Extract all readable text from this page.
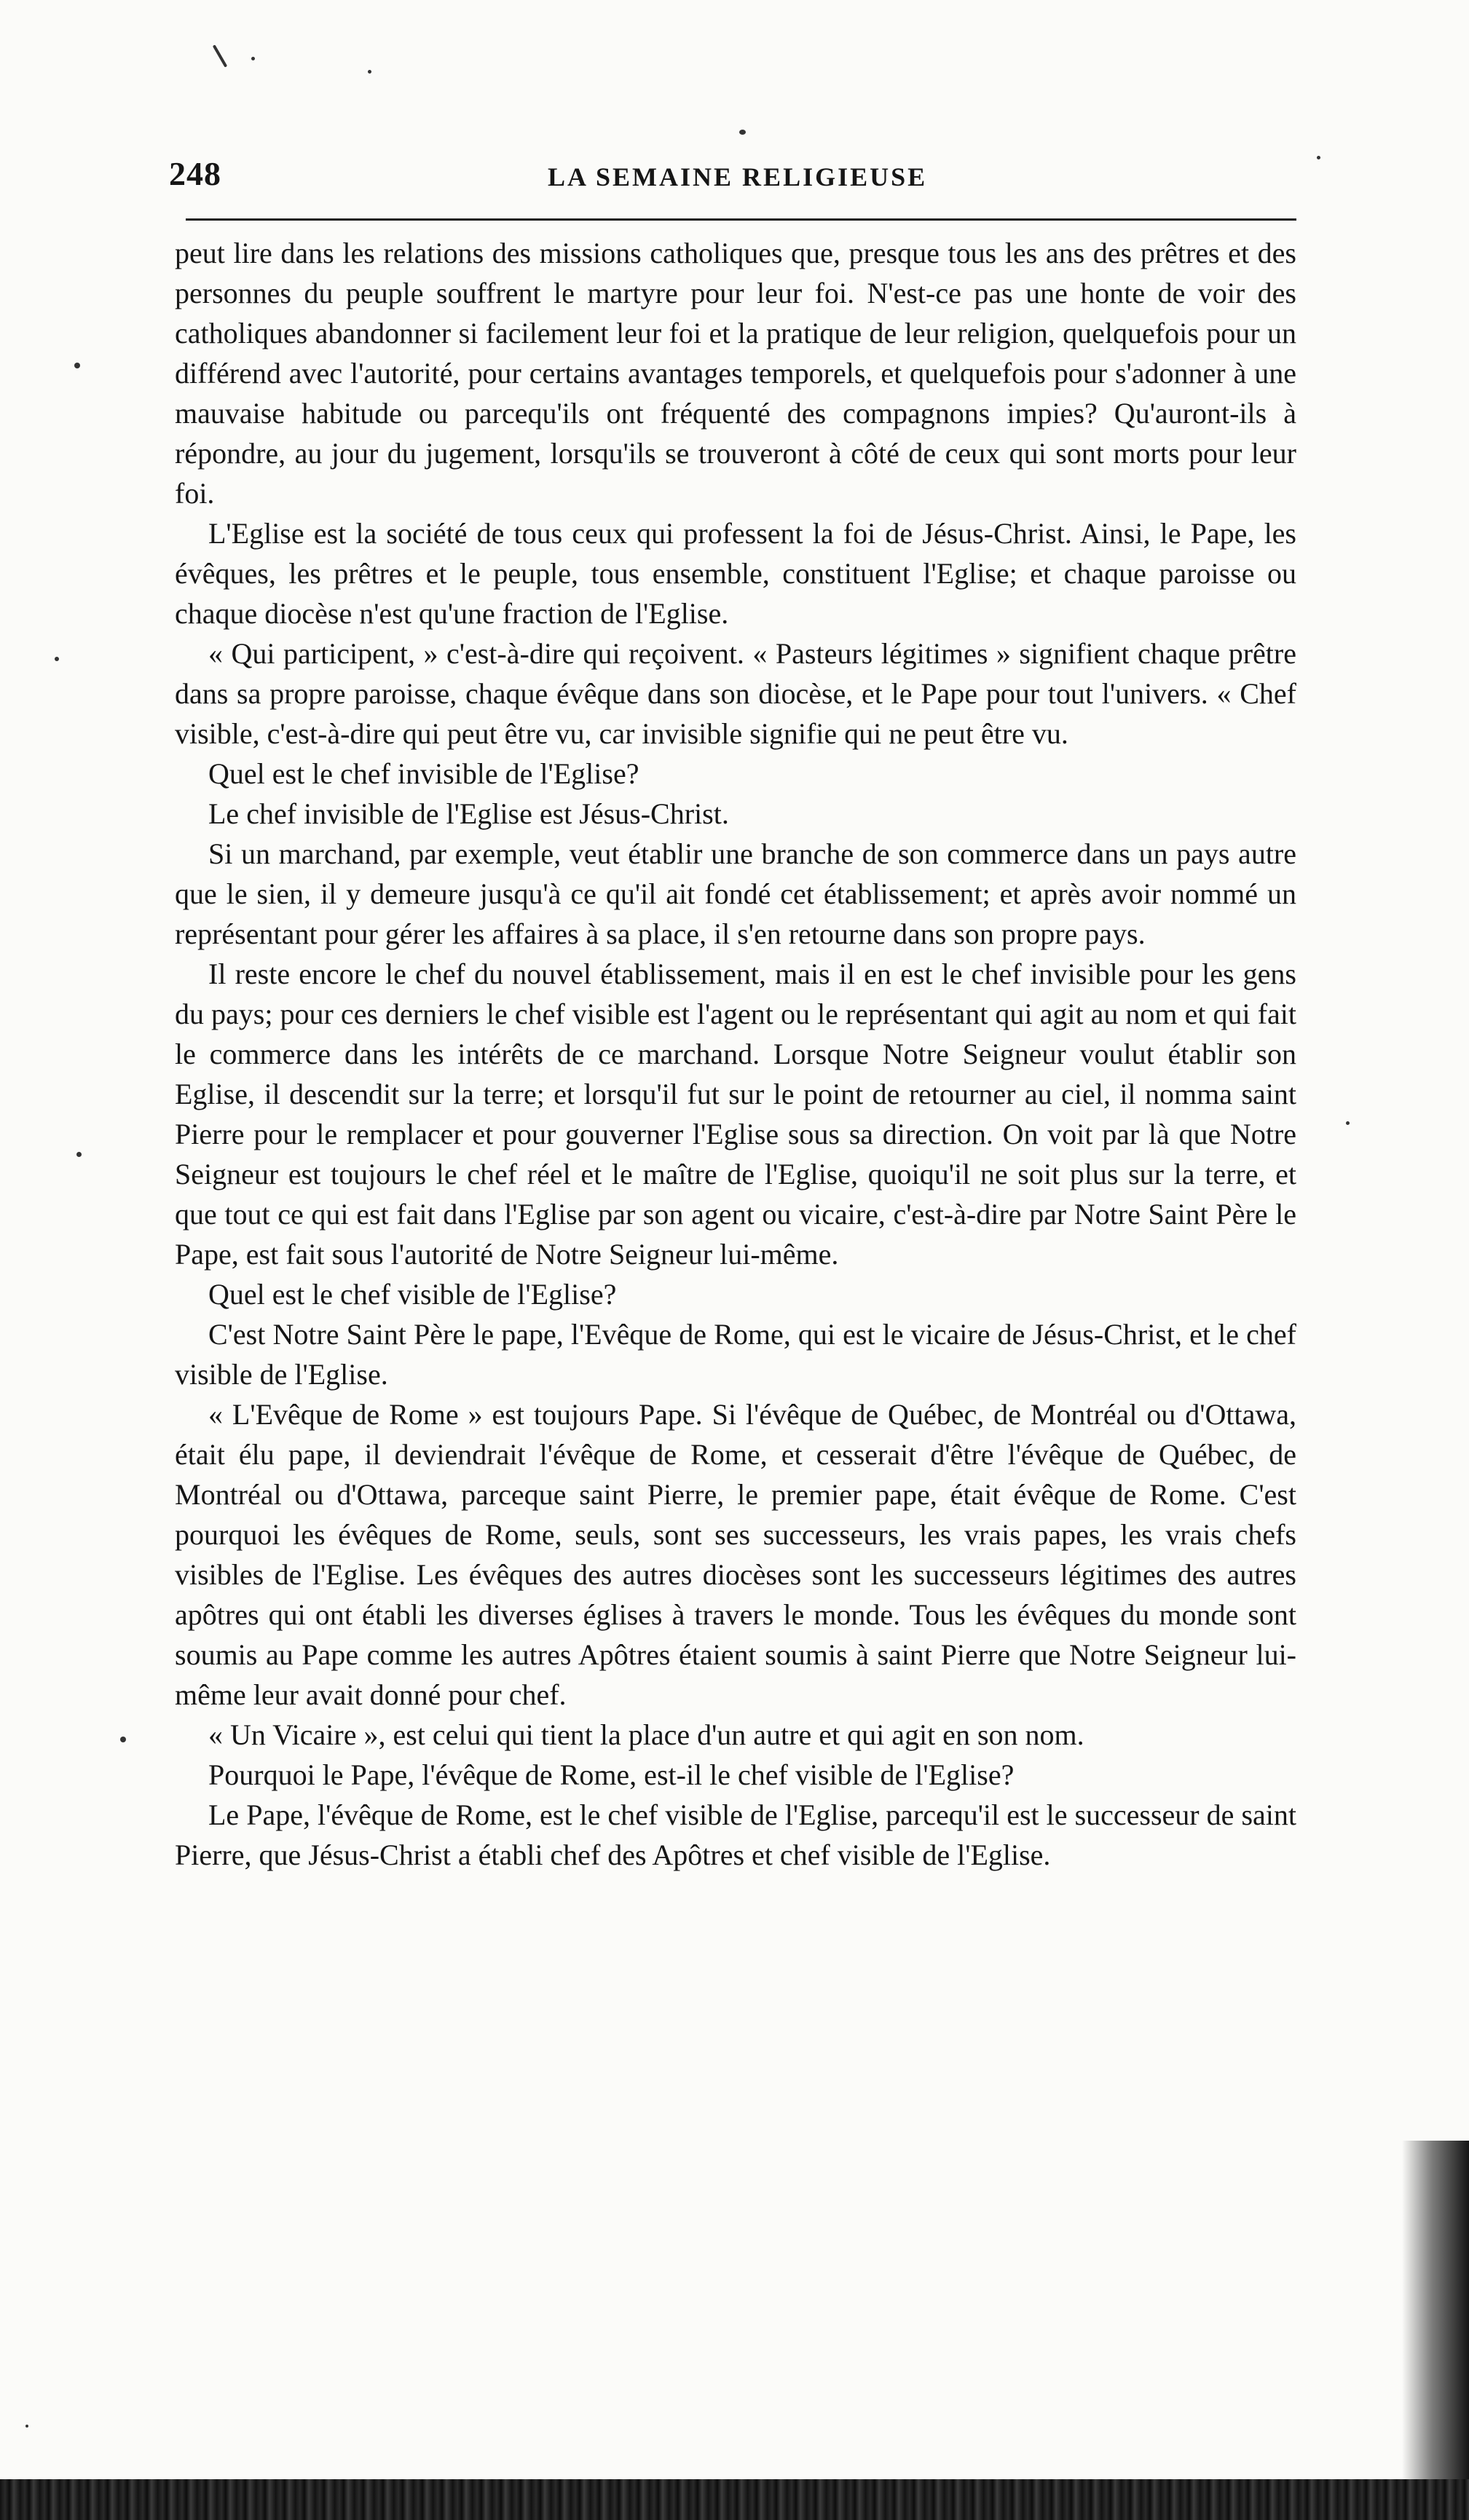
248	LA SEMAINE RELIGIEUSE

peut lire dans les relations des missions catholiques que, presque tous les ans des prêtres et des personnes du peuple souffrent le martyre pour leur foi. N'est-ce pas une honte de voir des catholiques abandonner si facilement leur foi et la pratique de leur religion, quelquefois pour un différend avec l'autorité, pour certains avantages temporels, et quelquefois pour s'adonner à une mauvaise habitude ou parcequ'ils ont fréquenté des compagnons impies? Qu'auront-ils à répondre, au jour du jugement, lorsqu'ils se trouveront à côté de ceux qui sont morts pour leur foi.

L'Eglise est la société de tous ceux qui professent la foi de Jésus-Christ. Ainsi, le Pape, les évêques, les prêtres et le peuple, tous ensemble, constituent l'Eglise; et chaque paroisse ou chaque diocèse n'est qu'une fraction de l'Eglise.

« Qui participent, » c'est-à-dire qui reçoivent. « Pasteurs légitimes » signifient chaque prêtre dans sa propre paroisse, chaque évêque dans son diocèse, et le Pape pour tout l'univers. « Chef visible, c'est-à-dire qui peut être vu, car invisible signifie qui ne peut être vu.

Quel est le chef invisible de l'Eglise?

Le chef invisible de l'Eglise est Jésus-Christ.

Si un marchand, par exemple, veut établir une branche de son commerce dans un pays autre que le sien, il y demeure jusqu'à ce qu'il ait fondé cet établissement; et après avoir nommé un représentant pour gérer les affaires à sa place, il s'en retourne dans son propre pays.

Il reste encore le chef du nouvel établissement, mais il en est le chef invisible pour les gens du pays; pour ces derniers le chef visible est l'agent ou le représentant qui agit au nom et qui fait le commerce dans les intérêts de ce marchand. Lorsque Notre Seigneur voulut établir son Eglise, il descendit sur la terre; et lorsqu'il fut sur le point de retourner au ciel, il nomma saint Pierre pour le remplacer et pour gouverner l'Eglise sous sa direction. On voit par là que Notre Seigneur est toujours le chef réel et le maître de l'Eglise, quoiqu'il ne soit plus sur la terre, et que tout ce qui est fait dans l'Eglise par son agent ou vicaire, c'est-à-dire par Notre Saint Père le Pape, est fait sous l'autorité de Notre Seigneur lui-même.

Quel est le chef visible de l'Eglise?

C'est Notre Saint Père le pape, l'Evêque de Rome, qui est le vicaire de Jésus-Christ, et le chef visible de l'Eglise.

« L'Evêque de Rome » est toujours Pape. Si l'évêque de Québec, de Montréal ou d'Ottawa, était élu pape, il deviendrait l'évêque de Rome, et cesserait d'être l'évêque de Québec, de Montréal ou d'Ottawa, parceque saint Pierre, le premier pape, était évêque de Rome. C'est pourquoi les évêques de Rome, seuls, sont ses successeurs, les vrais papes, les vrais chefs visibles de l'Eglise. Les évêques des autres diocèses sont les successeurs légitimes des autres apôtres qui ont établi les diverses églises à travers le monde. Tous les évêques du monde sont soumis au Pape comme les autres Apôtres étaient soumis à saint Pierre que Notre Seigneur lui-même leur avait donné pour chef.

« Un Vicaire », est celui qui tient la place d'un autre et qui agit en son nom.

Pourquoi le Pape, l'évêque de Rome, est-il le chef visible de l'Eglise?

Le Pape, l'évêque de Rome, est le chef visible de l'Eglise, parcequ'il est le successeur de saint Pierre, que Jésus-Christ a établi chef des Apôtres et chef visible de l'Eglise.
